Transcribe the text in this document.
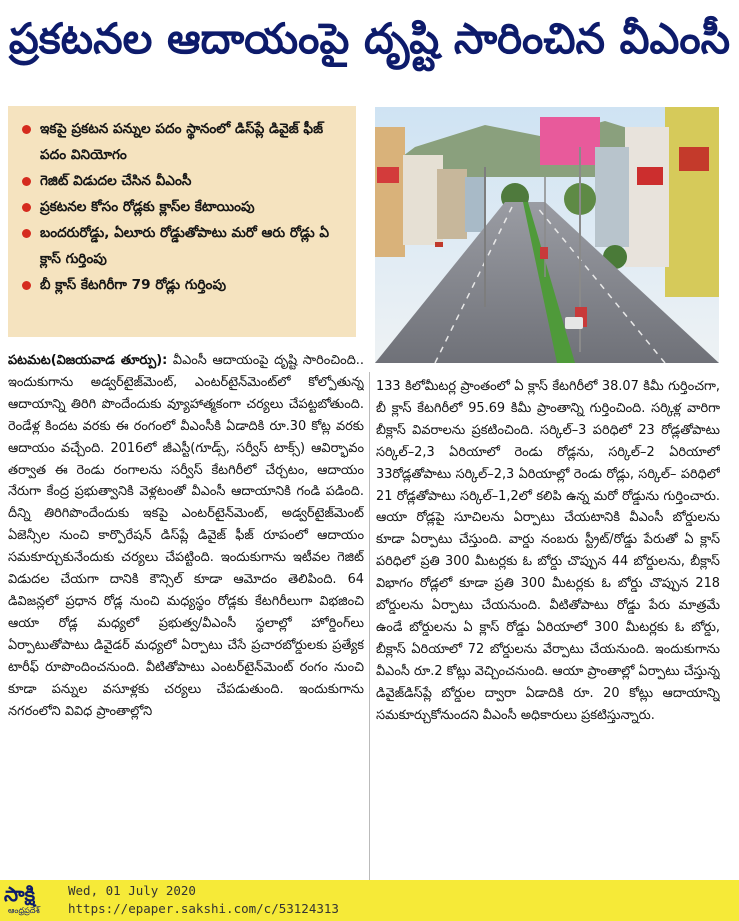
ప్రకటనల ఆదాయంపై దృష్టి సారించిన వీఎంసీ
ఇకపై ప్రకటన పన్నుల పదం స్థానంలో డిస్‌ప్లే డివైజ్ ఫీజ్ పదం వినియోగం
గెజిట్ విడుదల చేసిన వీఎంసీ
ప్రకటనల కోసం రోడ్లకు క్లాస్‌ల కేటాయింపు
బందరురోడ్డు, ఏలూరు రోడ్డుతోపాటు మరో ఆరు రోడ్లు ఏ క్లాస్ గుర్తింపు
బీ క్లాస్ కేటగిరీగా 79 రోడ్లు గుర్తింపు
పటమట(విజయవాడ తూర్పు): వీఎంసీ ఆదాయంపై దృష్టి సారించింది.. ఇందుకుగాను అడ్వర్‌టైజ్‌మెంట్, ఎంటర్‌టైన్‌మెంట్‌లో కోల్పోతున్న ఆదాయాన్ని తిరిగి పొందేందుకు వ్యూహాత్మకంగా చర్యలు చేపట్టబోతుంది. రెండేళ్ల కిందట వరకు ఈ రంగంలో వీఎంసీకి ఏడాదికి రూ.30 కోట్ల వరకు ఆదాయం వచ్చేంది. 2016లో జీఎస్టీ(గూడ్స్, సర్వీస్ టాక్స్) ఆవిర్భావం తర్వాత ఈ రెండు రంగాలను సర్వీస్ కేటగిరీలో చేర్చటం, ఆదాయం నేరుగా కేంద్ర ప్రభుత్వానికి వెళ్లటంతో వీఎంసీ ఆదాయానికి గండి పడింది. దీన్ని తిరిగిపొందేందుకు ఇకపై ఎంటర్‌టైన్‌మెంట్, అడ్వర్‌టైజ్‌మెంట్ ఏజెన్సీల నుంచి కార్పొరేషన్ డిస్‌ప్లే డివైజ్ ఫీజ్ రూపంలో ఆదాయం సమకూర్చుకునేందుకు చర్యలు చేపట్టింది. ఇందుకుగాను ఇటీవల గెజిట్ విడుదల చేయగా దానికి కౌన్సిల్ కూడా ఆమోదం తెలిపింది. 64 డివిజన్లలో ప్రధాన రోడ్ల నుంచి మధ్యస్థం రోడ్లకు కేటగిరీలుగా విభజించి ఆయా రోడ్ల మధ్యలో ప్రభుత్వ/వీఎంసీ స్థలాల్లో హోర్డింగ్‌లు ఏర్పాటుతోపాటు డివైడర్ మధ్యలో ఏర్పాటు చేసే ప్రచారబోర్డులకు ప్రత్యేక టారీఫ్ రూపొందించనుంది. వీటితోపాటు ఎంటర్‌టైన్‌మెంట్ రంగం నుంచి కూడా పన్నుల వసూళ్లకు చర్యలు చేపడుతుంది. ఇందుకుగాను నగరంలోని వివిధ ప్రాంతాల్లోని
133 కిలోమీటర్ల ప్రాంతంలో ఏ క్లాస్ కేటగిరీలో 38.07 కిమీ గుర్తించగా, బీ క్లాస్ కేటగిరీలో 95.69 కిమీ ప్రాంతాన్ని గుర్తించింది. సర్కిళ్ల వారిగా బీక్లాస్ వివరాలను ప్రకటించింది. సర్కిల్–3 పరిధిలో 23 రోడ్లతోపాటు సర్కిల్–2,3 ఏరియాలో రెండు రోడ్లను, సర్కిల్–2 ఏరియాలో 33రోడ్లతోపాటు సర్కిల్–2,3 ఏరియాల్లో రెండు రోడ్లు, సర్కిల్– పరిధిలో 21 రోడ్లతోపాటు సర్కిల్–1,2లో కలిపి ఉన్న మరో రోడ్డును గుర్తించారు. ఆయా రోడ్లపై సూచిలను ఏర్పాటు చేయటానికి వీఎంసీ బోర్డులను కూడా ఏర్పాటు చేస్తుంది. వార్డు నంబరు స్ట్రీట్/రోడ్డు పేరుతో ఏ క్లాస్ పరిధిలో ప్రతి 300 మీటర్లకు ఓ బోర్డు చొప్పున 44 బోర్డులను, బీక్లాస్ విభాగం రోడ్లలో కూడా ప్రతి 300 మీటర్లకు ఓ బోర్డు చొప్పున 218 బోర్డులను ఏర్పాటు చేయనుంది. వీటితోపాటు రోడ్డు పేరు మాత్రమే ఉండే బోర్డులను ఏ క్లాస్ రోడ్డు ఏరియాలో 300 మీటర్లకు ఓ బోర్డు, బీక్లాస్ ఏరియాలో 72 బోర్డులను వేర్పాటు చేయనుంది. ఇందుకుగాను వీఎంసీ రూ.2 కోట్లు వెచ్చించనుంది. ఆయా ప్రాంతాల్లో ఏర్పాటు చేస్తున్న డివైజ్‌డిస్‌ప్లే బోర్డుల ద్వారా ఏడాదికి రూ. 20 కోట్లు ఆదాయాన్ని సమకూర్చుకోనుందని వీఎంసీ అధికారులు ప్రకటిస్తున్నారు.
సాక్షి
ఆంధ్రప్రదేశ్
Wed, 01 July 2020
https://epaper.sakshi.com/c/53124313
